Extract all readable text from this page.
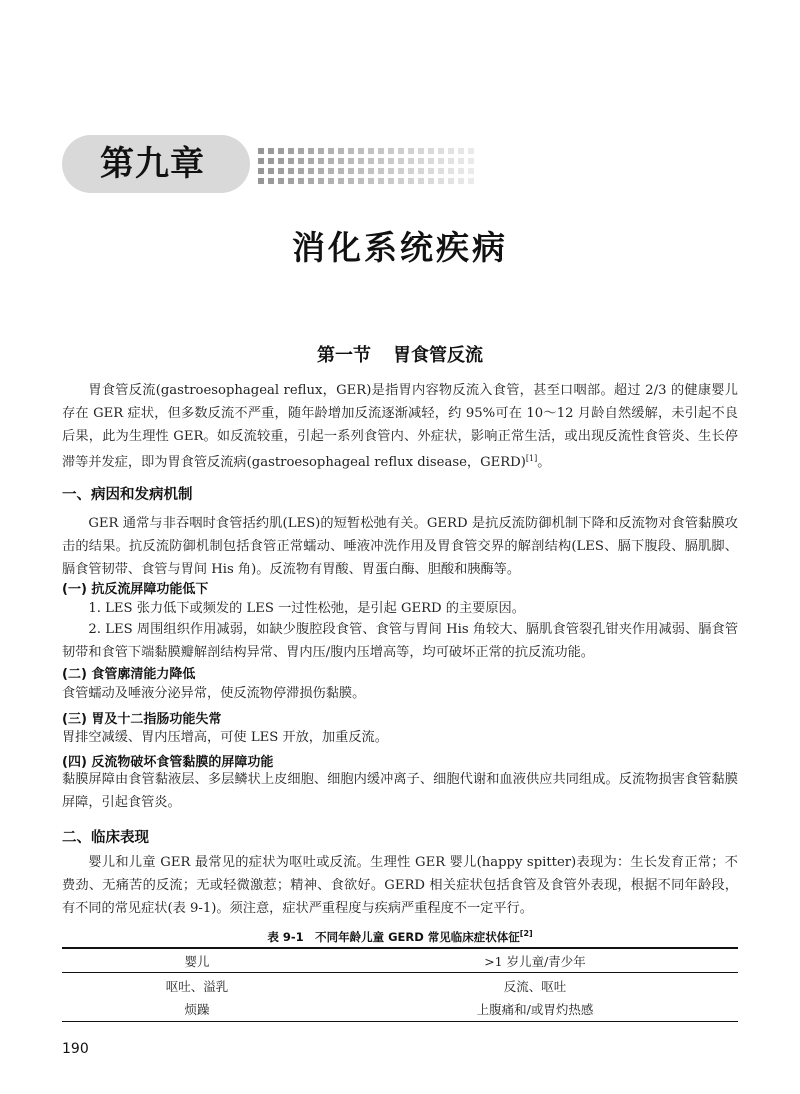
第九章
消化系统疾病
第一节 胃食管反流
胃食管反流(gastroesophageal reflux，GER)是指胃内容物反流入食管，甚至口咽部。超过 2/3 的健康婴儿存在 GER 症状，但多数反流不严重，随年龄增加反流逐渐减轻，约 95%可在 10～12 月龄自然缓解，未引起不良后果，此为生理性 GER。如反流较重，引起一系列食管内、外症状，影响正常生活，或出现反流性食管炎、生长停滞等并发症，即为胃食管反流病(gastroesophageal reflux disease，GERD)[1]。
一、病因和发病机制
GER 通常与非吞咽时食管括约肌(LES)的短暂松弛有关。GERD 是抗反流防御机制下降和反流物对食管黏膜攻击的结果。抗反流防御机制包括食管正常蠕动、唾液冲洗作用及胃食管交界的解剖结构(LES、膈下腹段、膈肌脚、膈食管韧带、食管与胃间 His 角)。反流物有胃酸、胃蛋白酶、胆酸和胰酶等。
(一) 抗反流屏障功能低下
1. LES 张力低下或频发的 LES 一过性松弛，是引起 GERD 的主要原因。
2. LES 周围组织作用减弱，如缺少腹腔段食管、食管与胃间 His 角较大、膈肌食管裂孔钳夹作用减弱、膈食管韧带和食管下端黏膜瓣解剖结构异常、胃内压/腹内压增高等，均可破坏正常的抗反流功能。
(二) 食管廓清能力降低
食管蠕动及唾液分泌异常，使反流物停滞损伤黏膜。
(三) 胃及十二指肠功能失常
胃排空减缓、胃内压增高，可使 LES 开放，加重反流。
(四) 反流物破坏食管黏膜的屏障功能
黏膜屏障由食管黏液层、多层鳞状上皮细胞、细胞内缓冲离子、细胞代谢和血液供应共同组成。反流物损害食管黏膜屏障，引起食管炎。
二、临床表现
婴儿和儿童 GER 最常见的症状为呕吐或反流。生理性 GER 婴儿(happy spitter)表现为：生长发育正常；不费劲、无痛苦的反流；无或轻微激惹；精神、食欲好。GERD 相关症状包括食管及食管外表现，根据不同年龄段，有不同的常见症状(表 9-1)。须注意，症状严重程度与疾病严重程度不一定平行。
表 9-1　不同年龄儿童 GERD 常见临床症状体征[2]
婴儿	>1 岁儿童/青少年
呕吐、溢乳	反流、呕吐
烦躁	上腹痛和/或胃灼热感
190
